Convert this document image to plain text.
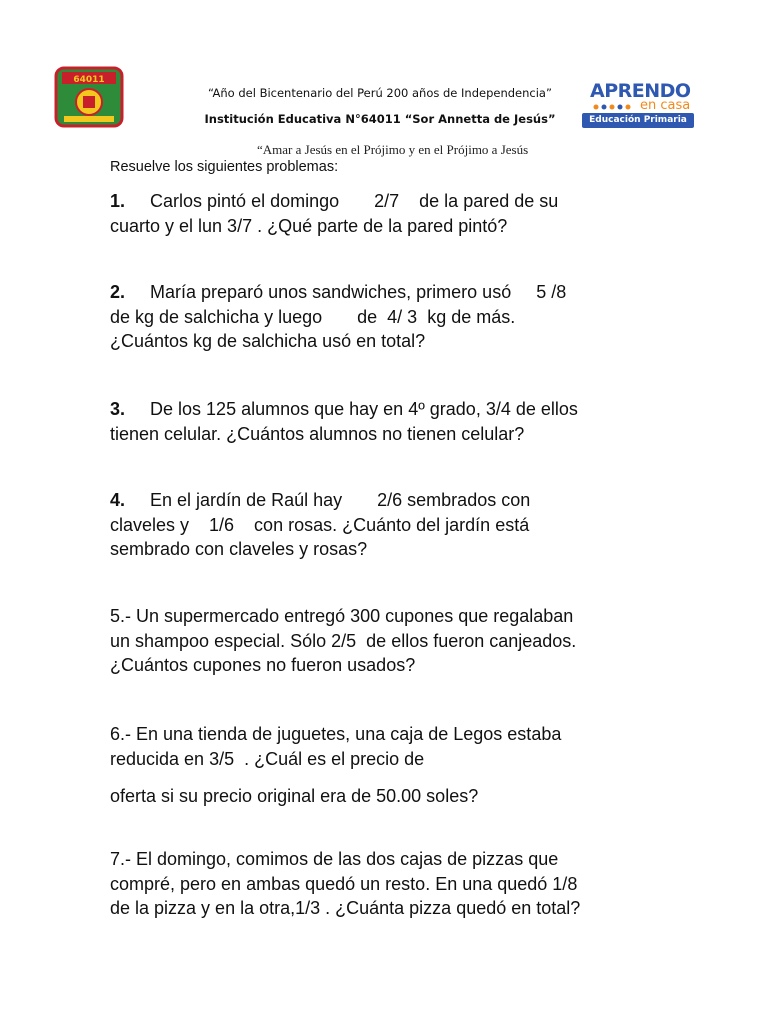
64011
“Año del Bicentenario del Perú 200 años de Independencia”
Institución Educativa N°64011 “Sor Annetta de Jesús”
APRENDO
en casa
Educación Primaria
“Amar a Jesús en el Prójimo y en el Prójimo a Jesús
Resuelve los siguientes problemas:
1.     Carlos pintó el domingo       2/7    de la pared de su
cuarto y el lun 3/7 . ¿Qué parte de la pared pintó?
2.     María preparó unos sandwiches, primero usó     5 /8
de kg de salchicha y luego       de  4/ 3  kg de más.
¿Cuántos kg de salchicha usó en total?
3.     De los 125 alumnos que hay en 4º grado, 3/4 de ellos
tienen celular. ¿Cuántos alumnos no tienen celular?
4.     En el jardín de Raúl hay       2/6 sembrados con
claveles y    1/6    con rosas. ¿Cuánto del jardín está
sembrado con claveles y rosas?
5.- Un supermercado entregó 300 cupones que regalaban
un shampoo especial. Sólo 2/5  de ellos fueron canjeados.
¿Cuántos cupones no fueron usados?
6.- En una tienda de juguetes, una caja de Legos estaba
reducida en 3/5  . ¿Cuál es el precio de
oferta si su precio original era de 50.00 soles?
7.- El domingo, comimos de las dos cajas de pizzas que
compré, pero en ambas quedó un resto. En una quedó 1/8
de la pizza y en la otra,1/3 . ¿Cuánta pizza quedó en total?
